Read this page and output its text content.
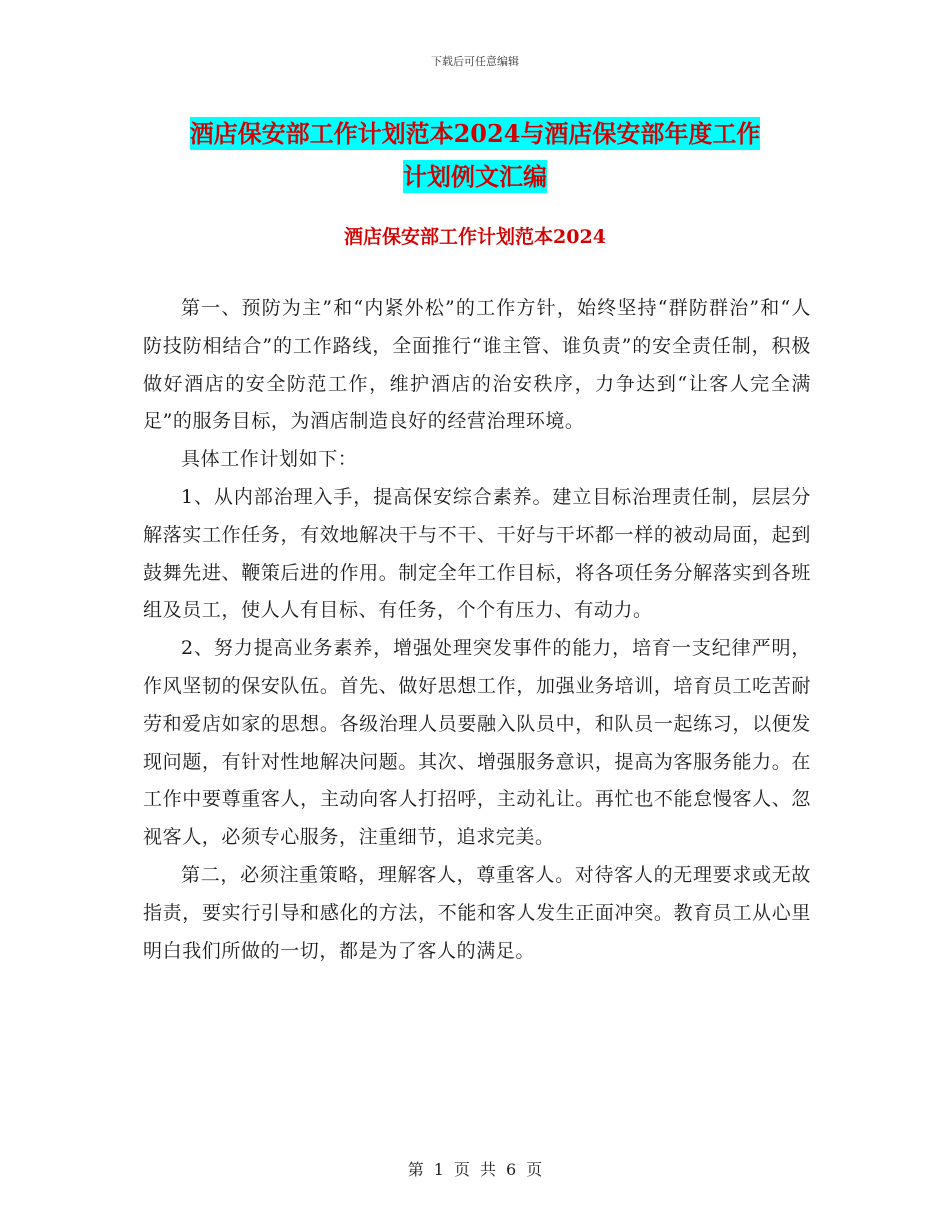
下载后可任意编辑
酒店保安部工作计划范本2024与酒店保安部年度工作
计划例文汇编
酒店保安部工作计划范本2024

第一、预防为主”和“内紧外松”的工作方针，始终坚持“群防群治”和“人防技防相结合”的工作路线，全面推行“谁主管、谁负责”的安全责任制，积极做好酒店的安全防范工作，维护酒店的治安秩序，力争达到“让客人完全满足”的服务目标，为酒店制造良好的经营治理环境。

具体工作计划如下：

1、从内部治理入手，提高保安综合素养。建立目标治理责任制，层层分解落实工作任务，有效地解决干与不干、干好与干坏都一样的被动局面，起到鼓舞先进、鞭策后进的作用。制定全年工作目标，将各项任务分解落实到各班组及员工，使人人有目标、有任务，个个有压力、有动力。

2、努力提高业务素养，增强处理突发事件的能力，培育一支纪律严明，作风坚韧的保安队伍。首先、做好思想工作，加强业务培训，培育员工吃苦耐劳和爱店如家的思想。各级治理人员要融入队员中，和队员一起练习，以便发现问题，有针对性地解决问题。其次、增强服务意识，提高为客服务能力。在工作中要尊重客人，主动向客人打招呼，主动礼让。再忙也不能怠慢客人、忽视客人，必须专心服务，注重细节，追求完美。

第二，必须注重策略，理解客人，尊重客人。对待客人的无理要求或无故指责，要实行引导和感化的方法，不能和客人发生正面冲突。教育员工从心里明白我们所做的一切，都是为了客人的满足。

第 1 页 共 6 页
